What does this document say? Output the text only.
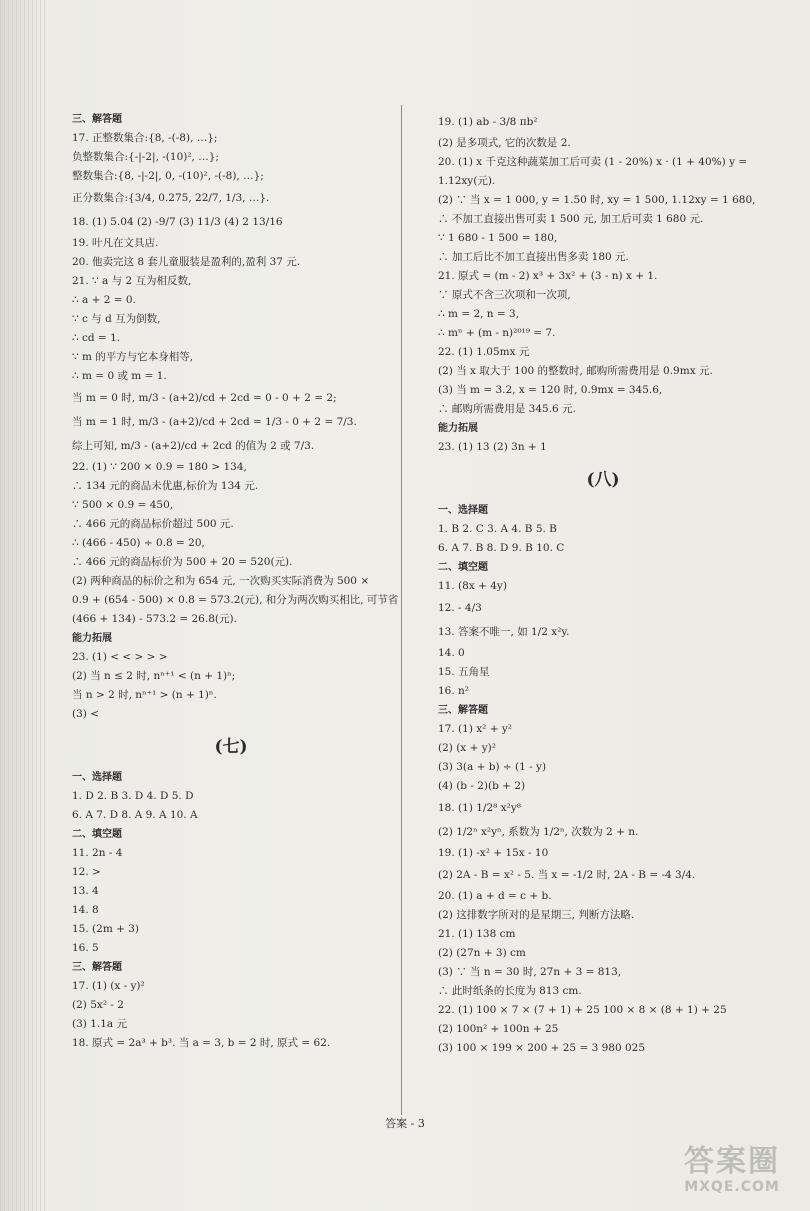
三、解答题
17. 正整数集合:{8, -(-8), …};
负整数集合:{-|-2|, -(10)², …};
整数集合:{8, -|-2|, 0, -(10)², -(-8), …};
正分数集合:{3/4, 0.275, 22/7, 1/3, …}.
18. (1) 5.04 (2) -9/7 (3) 11/3 (4) 2 13/16
19. 叶凡在文具店.
20. 他卖完这 8 套儿童服装是盈利的,盈利 37 元.
21. ∵ a 与 2 互为相反数,
∴ a + 2 = 0.
∵ c 与 d 互为倒数,
∴ cd = 1.
∵ m 的平方与它本身相等,
∴ m = 0 或 m = 1.
当 m = 0 时, m/3 - (a+2)/cd + 2cd = 0 - 0 + 2 = 2;
当 m = 1 时, m/3 - (a+2)/cd + 2cd = 1/3 - 0 + 2 = 7/3.
综上可知, m/3 - (a+2)/cd + 2cd 的值为 2 或 7/3.
22. (1) ∵ 200 × 0.9 = 180 > 134,
∴ 134 元的商品未优惠,标价为 134 元.
∵ 500 × 0.9 = 450,
∴ 466 元的商品标价超过 500 元.
∴ (466 - 450) ÷ 0.8 = 20,
∴ 466 元的商品标价为 500 + 20 = 520(元).
(2) 两种商品的标价之和为 654 元, 一次购买实际消费为 500 ×
0.9 + (654 - 500) × 0.8 = 573.2(元), 和分为两次购买相比, 可节省
(466 + 134) - 573.2 = 26.8(元).
能力拓展
23. (1) < < > > >
(2) 当 n ≤ 2 时, nⁿ⁺¹ < (n + 1)ⁿ;
当 n > 2 时, nⁿ⁺¹ > (n + 1)ⁿ.
(3) <
(七)
一、选择题
1. D 2. B 3. D 4. D 5. D
6. A 7. D 8. A 9. A 10. A
二、填空题
11. 2n - 4
12. >
13. 4
14. 8
15. (2m + 3)
16. 5
三、解答题
17. (1) (x - y)²
(2) 5x² - 2
(3) 1.1a 元
18. 原式 = 2a³ + b³. 当 a = 3, b = 2 时, 原式 = 62.
19. (1) ab - 3/8 πb²
(2) 是多项式, 它的次数是 2.
20. (1) x 千克这种蔬菜加工后可卖 (1 - 20%) x · (1 + 40%) y =
1.12xy(元).
(2) ∵ 当 x = 1 000, y = 1.50 时, xy = 1 500, 1.12xy = 1 680,
∴ 不加工直接出售可卖 1 500 元, 加工后可卖 1 680 元.
∵ 1 680 - 1 500 = 180,
∴ 加工后比不加工直接出售多卖 180 元.
21. 原式 = (m - 2) x³ + 3x² + (3 - n) x + 1.
∵ 原式不含三次项和一次项,
∴ m = 2, n = 3,
∴ mⁿ + (m - n)²⁰¹⁹ = 7.
22. (1) 1.05mx 元
(2) 当 x 取大于 100 的整数时, 邮购所需费用是 0.9mx 元.
(3) 当 m = 3.2, x = 120 时, 0.9mx = 345.6,
∴ 邮购所需费用是 345.6 元.
能力拓展
23. (1) 13 (2) 3n + 1
(八)
一、选择题
1. B 2. C 3. A 4. B 5. B
6. A 7. B 8. D 9. B 10. C
二、填空题
11. (8x + 4y)
12. - 4/3
13. 答案不唯一, 如 1/2 x²y.
14. 0
15. 五角星
16. n²
三、解答题
17. (1) x² + y²
(2) (x + y)²
(3) 3(a + b) ÷ (1 - y)
(4) (b - 2)(b + 2)
18. (1) 1/2⁸ x²y⁸
(2) 1/2ⁿ x²yⁿ, 系数为 1/2ⁿ, 次数为 2 + n.
19. (1) -x² + 15x - 10
(2) 2A - B = x² - 5. 当 x = -1/2 时, 2A - B = -4 3/4.
20. (1) a + d = c + b.
(2) 这排数字所对的是星期三, 判断方法略.
21. (1) 138 cm
(2) (27n + 3) cm
(3) ∵ 当 n = 30 时, 27n + 3 = 813,
∴ 此时纸条的长度为 813 cm.
22. (1) 100 × 7 × (7 + 1) + 25 100 × 8 × (8 + 1) + 25
(2) 100n² + 100n + 25
(3) 100 × 199 × 200 + 25 = 3 980 025
答案 - 3
答案圈
MXQE.COM
